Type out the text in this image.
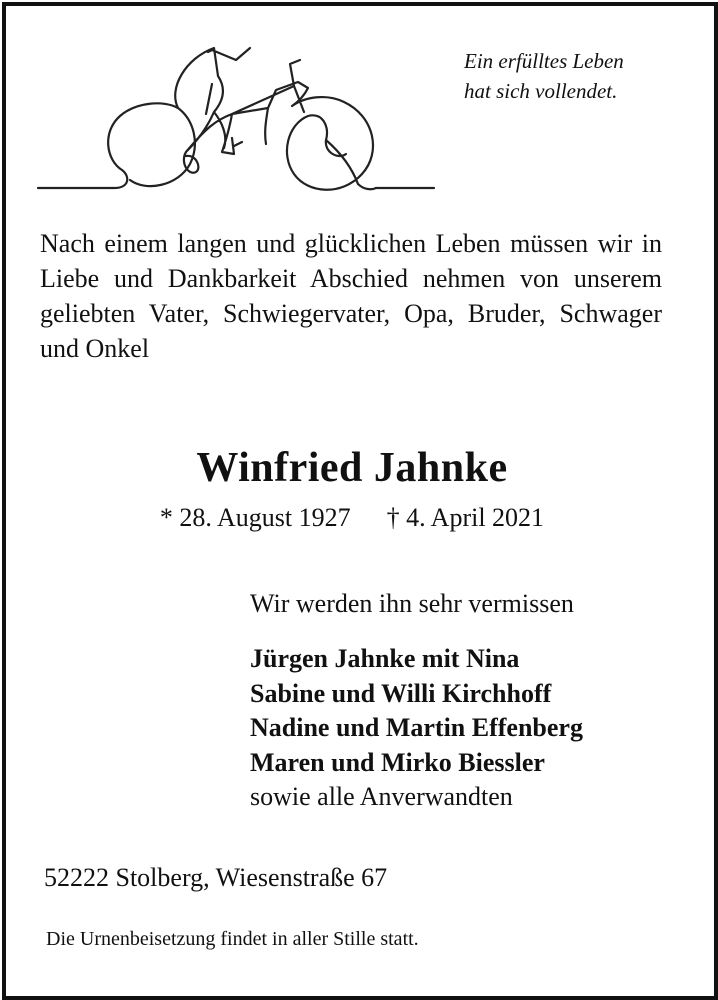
Ein erfülltes Leben
hat sich vollendet.
Nach einem langen und glücklichen Leben müssen wir in Liebe und Dankbarkeit Abschied nehmen von unserem geliebten Vater, Schwiegervater, Opa, Bruder, Schwager und Onkel
Winfried Jahnke
* 28. August 1927 † 4. April 2021
Wir werden ihn sehr vermissen
Jürgen Jahnke mit Nina
Sabine und Willi Kirchhoff
Nadine und Martin Effenberg
Maren und Mirko Biessler
sowie alle Anverwandten
52222 Stolberg, Wiesenstraße 67
Die Urnenbeisetzung findet in aller Stille statt.
